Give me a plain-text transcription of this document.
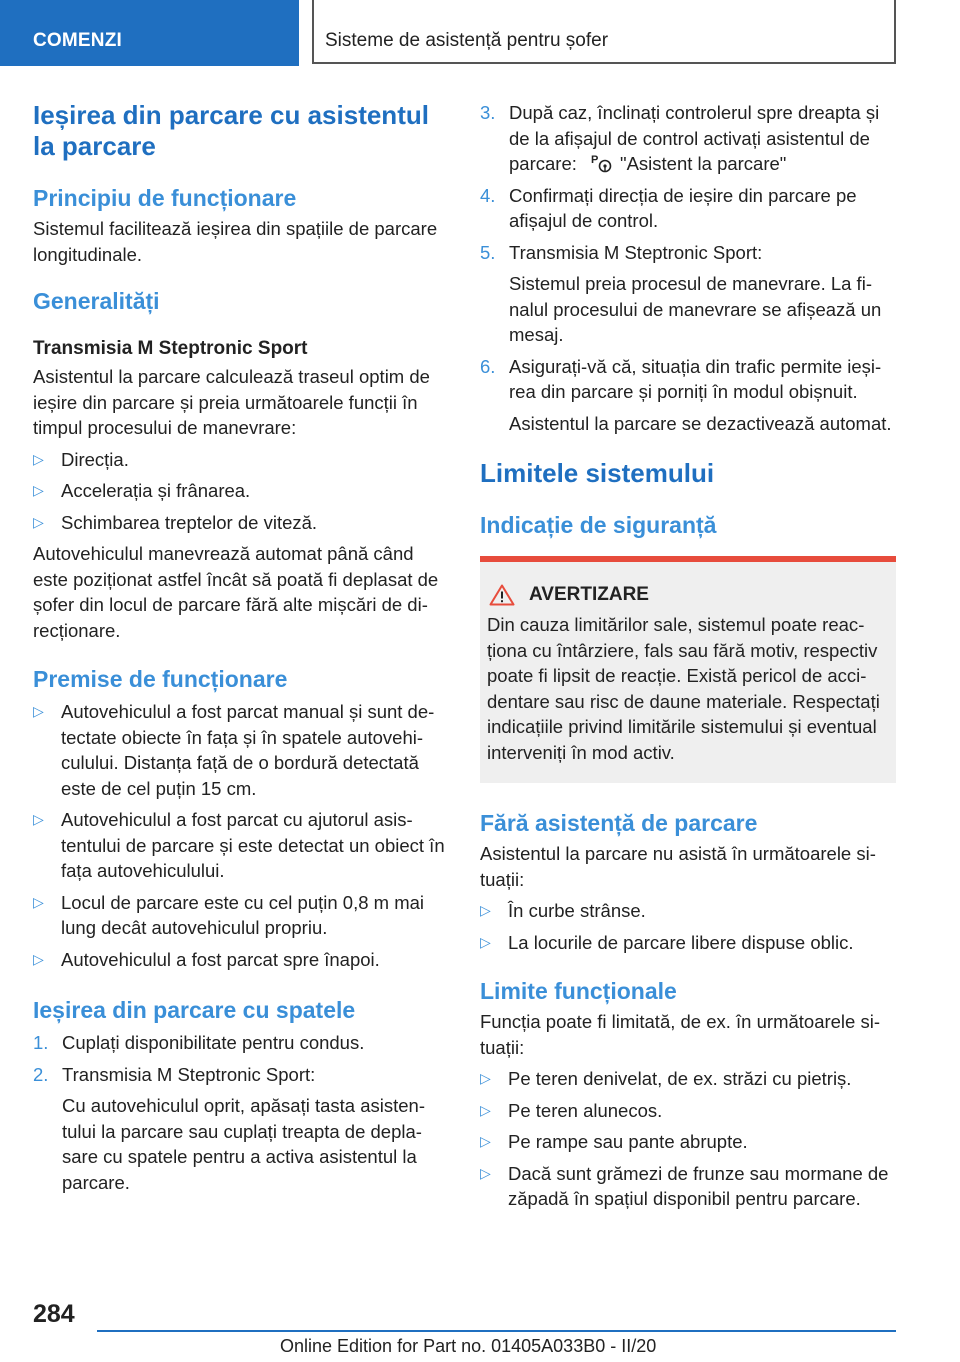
COMENZI	Sisteme de asistență pentru șofer
Ieșirea din parcare cu asistentul la parcare
Principiu de funcționare
Sistemul facilitează ieșirea din spațiile de parcare longitudinale.
Generalități
Transmisia M Steptronic Sport
Asistentul la parcare calculează traseul optim de ieșire din parcare și preia următoarele funcții în timpul procesului de manevrare:
▷ Direcția.
▷ Accelerația și frânarea.
▷ Schimbarea treptelor de viteză.
Autovehiculul manevrează automat până când este poziționat astfel încât să poată fi deplasat de șofer din locul de parcare fără alte mișcări de direcționare.
Premise de funcționare
▷ Autovehiculul a fost parcat manual și sunt detectate obiecte în fața și în spatele autovehiculului. Distanța față de o bordură detectată este de cel puțin 15 cm.
▷ Autovehiculul a fost parcat cu ajutorul asistentului de parcare și este detectat un obiect în fața autovehiculului.
▷ Locul de parcare este cu cel puțin 0,8 m mai lung decât autovehiculul propriu.
▷ Autovehiculul a fost parcat spre înapoi.
Ieșirea din parcare cu spatele
1. Cuplați disponibilitate pentru condus.
2. Transmisia M Steptronic Sport:
Cu autovehiculul oprit, apăsați tasta asistentului la parcare sau cuplați treapta de deplasare cu spatele pentru a activa asistentul la parcare.
3. După caz, înclinați controlerul spre dreapta și de la afișajul de control activați asistentul de parcare: P "Asistent la parcare"
4. Confirmați direcția de ieșire din parcare pe afișajul de control.
5. Transmisia M Steptronic Sport:
Sistemul preia procesul de manevrare. La finalul procesului de manevrare se afișează un mesaj.
6. Asigurați-vă că, situația din trafic permite ieșirea din parcare și porniți în modul obișnuit.
Asistentul la parcare se dezactivează automat.
Limitele sistemului
Indicație de siguranță
AVERTIZARE
Din cauza limitărilor sale, sistemul poate reacționa cu întârziere, fals sau fără motiv, respectiv poate fi lipsit de reacție. Există pericol de accidentare sau risc de daune materiale. Respectați indicațiile privind limitările sistemului și eventual interveniți în mod activ.
Fără asistență de parcare
Asistentul la parcare nu asistă în următoarele situații:
▷ În curbe strânse.
▷ La locurile de parcare libere dispuse oblic.
Limite funcționale
Funcția poate fi limitată, de ex. în următoarele situații:
▷ Pe teren denivelat, de ex. străzi cu pietriș.
▷ Pe teren alunecos.
▷ Pe rampe sau pante abrupte.
▷ Dacă sunt grămezi de frunze sau mormane de zăpadă în spațiul disponibil pentru parcare.
284
Online Edition for Part no. 01405A033B0 - II/20
